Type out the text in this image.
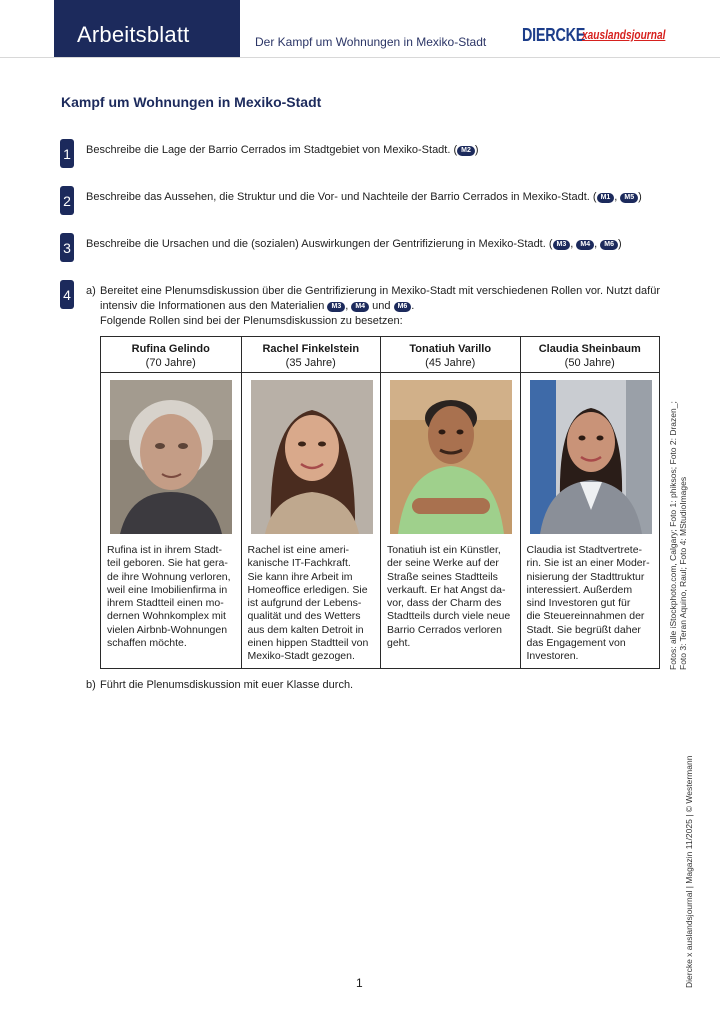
Arbeitsblatt	Der Kampf um Wohnungen in Mexiko-Stadt DIERCKE
xauslandsjournal
Kampf um Wohnungen in Mexiko-Stadt
1 Beschreibe die Lage der Barrio Cerrados im Stadtgebiet von Mexiko-Stadt. ( M2 )
2 Beschreibe das Aussehen, die Struktur und die Vor- und Nachteile der Barrio Cerrados in Mexiko-Stadt. ( M1 , M5 )
3 Beschreibe die Ursachen und die (sozialen) Auswirkungen der Gentrifizierung in Mexiko-Stadt. ( M3 , M4 , M6 )
4 a) Bereitet eine Plenumsdiskussion über die Gentrifizierung in Mexiko-Stadt mit verschiedenen Rollen vor. Nutzt dafür intensiv die Informationen aus den Materialien M3 , M4 und M6 .
Folgende Rollen sind bei der Plenumsdiskussion zu besetzen:
Rufina Gelindo
(70 Jahre)
Rufina ist in ihrem Stadt-
teil geboren. Sie hat gera-
de ihre Wohnung verloren,
weil eine Imobilienfirma in
ihrem Stadtteil einen mo-
dernen Wohnkomplex mit
vielen Airbnb-Wohnungen
schaffen möchte.
Rachel Finkelstein
(35 Jahre)
Rachel ist eine ameri-
kanische IT-Fachkraft.
Sie kann ihre Arbeit im
Homeoffice erledigen. Sie
ist aufgrund der Lebens-
qualität und des Wetters
aus dem kalten Detroit in
einen hippen Stadtteil von
Mexiko-Stadt gezogen.
Tonatiuh Varillo
(45 Jahre)
Tonatiuh ist ein Künstler,
der seine Werke auf der
Straße seines Stadtteils
verkauft. Er hat Angst da-
vor, dass der Charm des
Stadtteils durch viele neue
Barrio Cerrados verloren
geht.
Claudia Sheinbaum
(50 Jahre)
Claudia ist Stadtvertrete-
rin. Sie ist an einer Moder-
nisierung der Stadttruktur
interessiert. Außerdem
sind Investoren gut für
die Steuereinnahmen der
Stadt. Sie begrüßt daher
das Engagement von
Investoren.
b) Führt die Plenumsdiskussion mit euer Klasse durch.
Fotos: alle iStockphoto.com, Calgary; Foto 1: phiksos; Foto 2: Drazen_; Foto 3: Teran Aquino, Raul; Foto 4: MStudioImages
Diercke x auslandsjournal | Magazin 11/2025 | © Westermann
1
